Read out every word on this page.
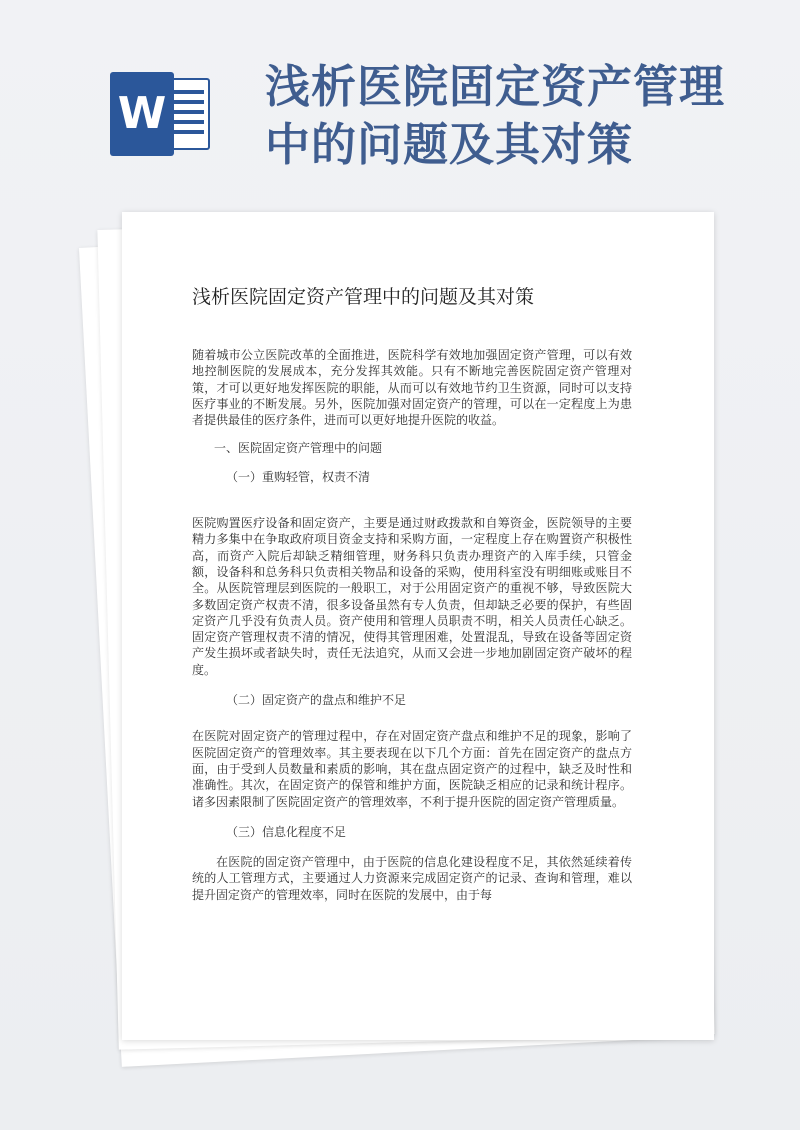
W
浅析医院固定资产管理中的问题及其对策
浅析医院固定资产管理中的问题及其对策

随着城市公立医院改革的全面推进，医院科学有效地加强固定资产管理，可以有效地控制医院的发展成本，充分发挥其效能。只有不断地完善医院固定资产管理对策，才可以更好地发挥医院的职能，从而可以有效地节约卫生资源，同时可以支持医疗事业的不断发展。另外，医院加强对固定资产的管理，可以在一定程度上为患者提供最佳的医疗条件，进而可以更好地提升医院的收益。

一、医院固定资产管理中的问题

（一）重购轻管，权责不清

医院购置医疗设备和固定资产，主要是通过财政拨款和自筹资金，医院领导的主要精力多集中在争取政府项目资金支持和采购方面，一定程度上存在购置资产积极性高，而资产入院后却缺乏精细管理，财务科只负责办理资产的入库手续，只管金额，设备科和总务科只负责相关物品和设备的采购，使用科室没有明细账或账目不全。从医院管理层到医院的一般职工，对于公用固定资产的重视不够，导致医院大多数固定资产权责不清，很多设备虽然有专人负责，但却缺乏必要的保护，有些固定资产几乎没有负责人员。资产使用和管理人员职责不明，相关人员责任心缺乏。固定资产管理权责不清的情况，使得其管理困难，处置混乱，导致在设备等固定资产发生损坏或者缺失时，责任无法追究，从而又会进一步地加剧固定资产破坏的程度。

（二）固定资产的盘点和维护不足

在医院对固定资产的管理过程中，存在对固定资产盘点和维护不足的现象，影响了医院固定资产的管理效率。其主要表现在以下几个方面：首先在固定资产的盘点方面，由于受到人员数量和素质的影响，其在盘点固定资产的过程中，缺乏及时性和准确性。其次，在固定资产的保管和维护方面，医院缺乏相应的记录和统计程序。诸多因素限制了医院固定资产的管理效率，不利于提升医院的固定资产管理质量。

（三）信息化程度不足

在医院的固定资产管理中，由于医院的信息化建设程度不足，其依然延续着传统的人工管理方式，主要通过人力资源来完成固定资产的记录、查询和管理，难以提升固定资产的管理效率，同时在医院的发展中，由于每
